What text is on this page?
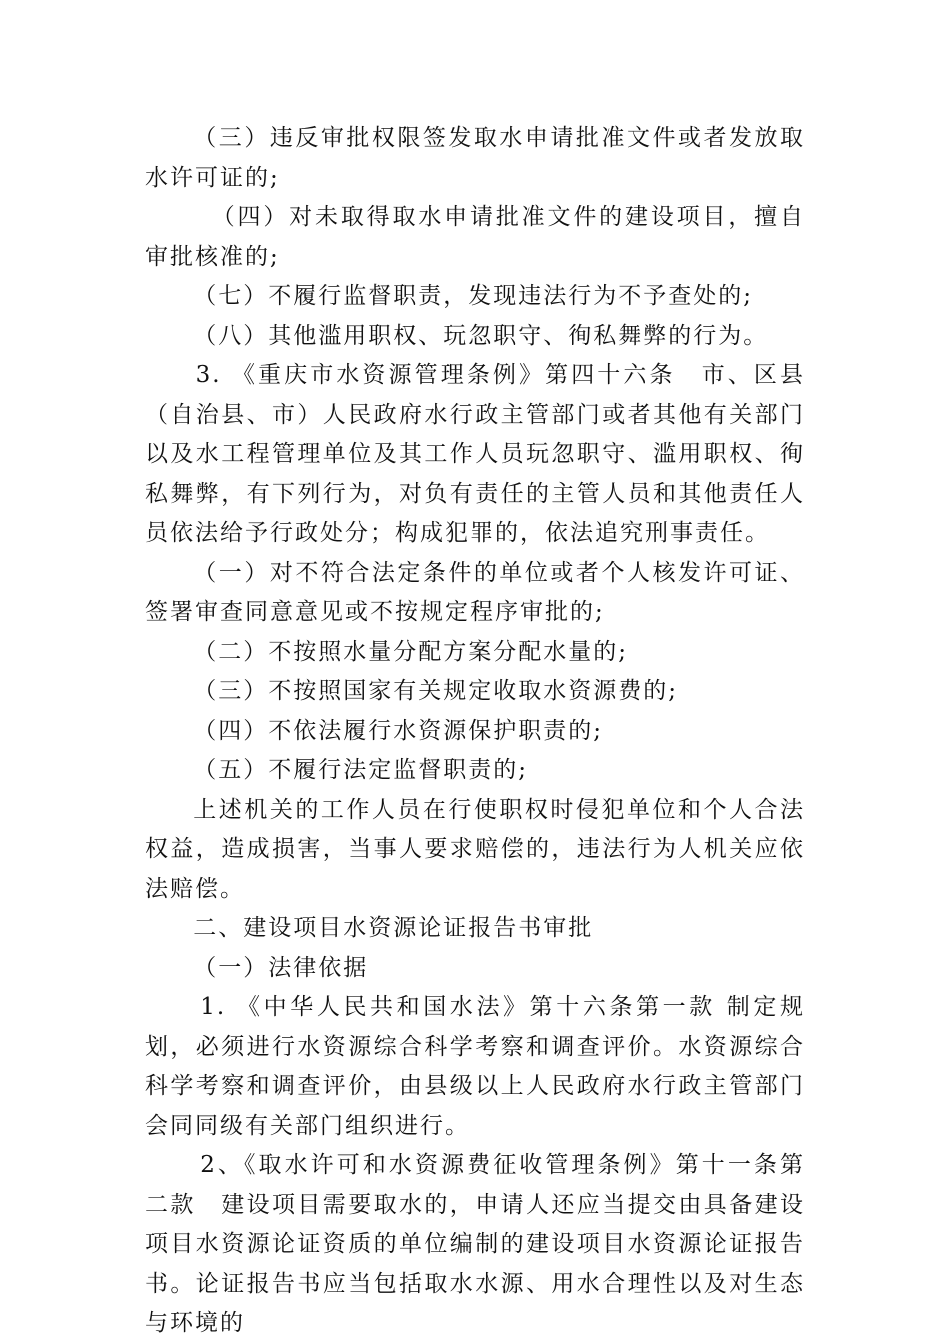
（三）违反审批权限签发取水申请批准文件或者发放取水许可证的;

（四）对未取得取水申请批准文件的建设项目，擅自审批核准的;

（七）不履行监督职责，发现违法行为不予查处的;

（八）其他滥用职权、玩忽职守、徇私舞弊的行为。

3. 《重庆市水资源管理条例》第四十六条　市、区县（自治县、市）人民政府水行政主管部门或者其他有关部门以及水工程管理单位及其工作人员玩忽职守、滥用职权、徇私舞弊，有下列行为，对负有责任的主管人员和其他责任人员依法给予行政处分；构成犯罪的，依法追究刑事责任。

（一）对不符合法定条件的单位或者个人核发许可证、签署审查同意意见或不按规定程序审批的;

（二）不按照水量分配方案分配水量的;

（三）不按照国家有关规定收取水资源费的;

（四）不依法履行水资源保护职责的;

（五）不履行法定监督职责的;

上述机关的工作人员在行使职权时侵犯单位和个人合法权益，造成损害，当事人要求赔偿的，违法行为人机关应依法赔偿。

二、建设项目水资源论证报告书审批

（一）法律依据

1. 《中华人民共和国水法》第十六条第一款 制定规划，必须进行水资源综合科学考察和调查评价。水资源综合科学考察和调查评价，由县级以上人民政府水行政主管部门会同同级有关部门组织进行。

2、《取水许可和水资源费征收管理条例》第十一条第二款　建设项目需要取水的，申请人还应当提交由具备建设项目水资源论证资质的单位编制的建设项目水资源论证报告书。论证报告书应当包括取水水源、用水合理性以及对生态与环境的
